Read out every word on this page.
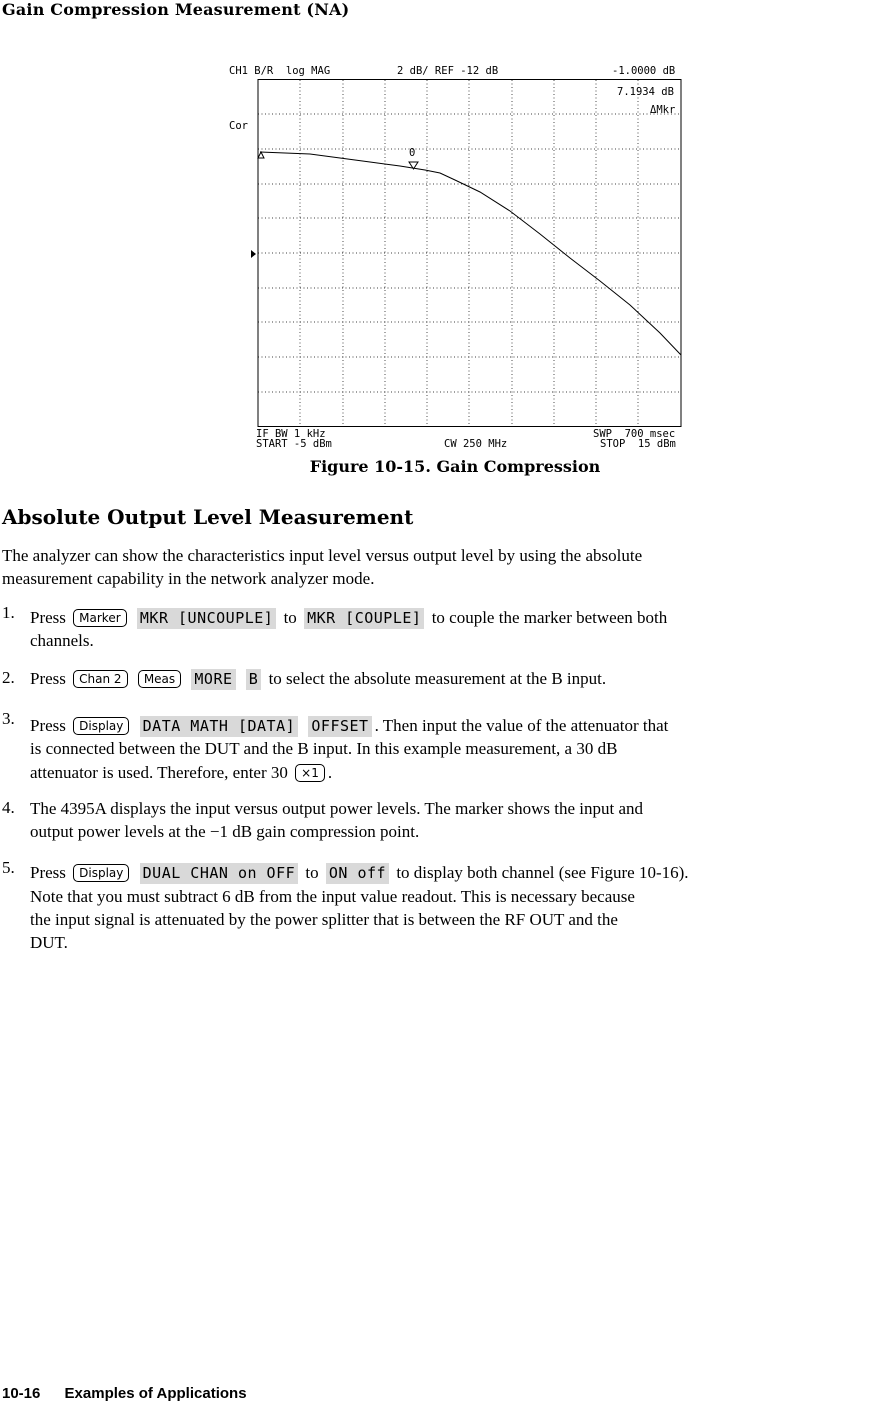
Gain Compression Measurement (NA)
CH1 B/R  log MAG	2 dB/ REF -12 dB	-1.0000 dB
Cor
0
7.1934 dB
ΔMkr
IF BW 1 kHz	SWP  700 msec
START -5 dBm	CW 250 MHz	STOP  15 dBm
Figure 10-15. Gain Compression
Absolute Output Level Measurement
The analyzer can show the characteristics input level versus output level by using the absolute
measurement capability in the network analyzer mode.
1. Press Marker MKR [UNCOUPLE] to MKR [COUPLE] to couple the marker between both
channels.
2. Press Chan 2 Meas MORE B to select the absolute measurement at the B input.
3. Press Display DATA MATH [DATA] OFFSET . Then input the value of the attenuator that
is connected between the DUT and the B input. In this example measurement, a 30 dB
attenuator is used. Therefore, enter 30 ×1 .
4. The 4395A displays the input versus output power levels. The marker shows the input and
output power levels at the −1 dB gain compression point.
5. Press Display DUAL CHAN on OFF to ON off to display both channel (see Figure 10-16).
Note that you must subtract 6 dB from the input value readout. This is necessary because
the input signal is attenuated by the power splitter that is between the RF OUT and the
DUT.
10-16 Examples of Applications
